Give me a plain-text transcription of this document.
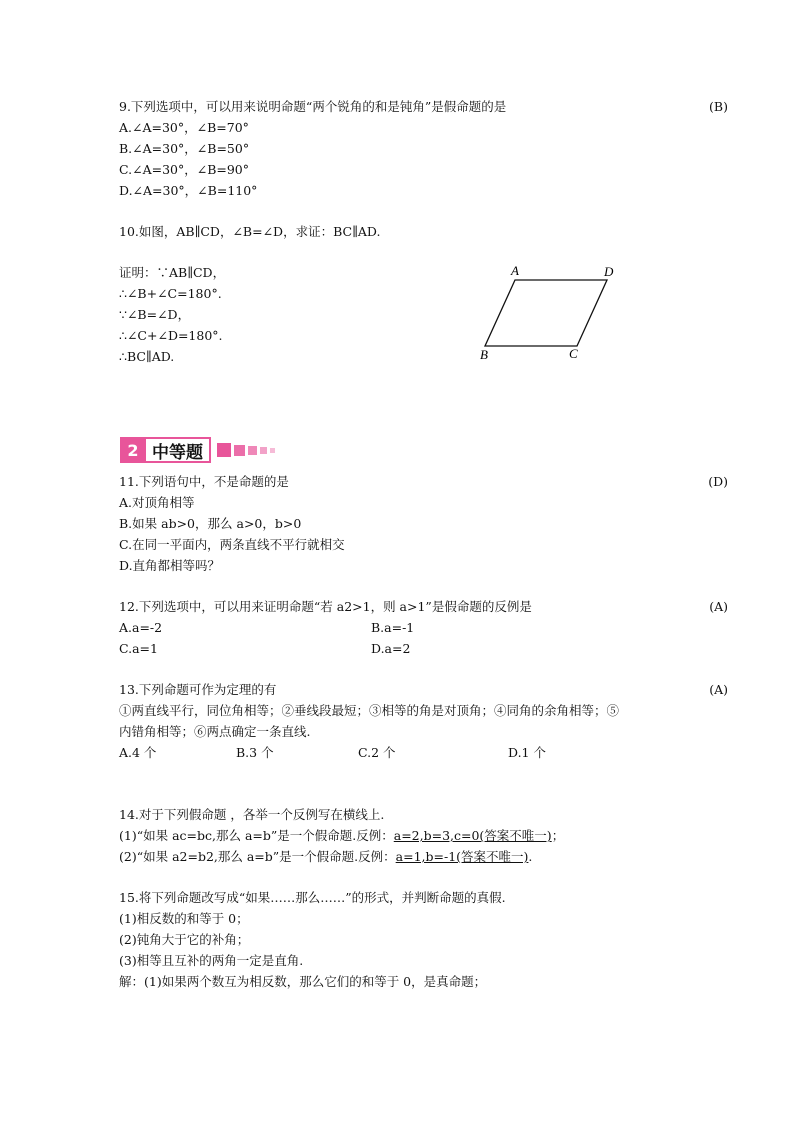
9.下列选项中，可以用来说明命题“两个锐角的和是钝角”是假命题的是	(B)
A.∠A=30°，∠B=70°
B.∠A=30°，∠B=50°
C.∠A=30°，∠B=90°
D.∠A=30°，∠B=110°
10.如图，AB∥CD，∠B=∠D，求证：BC∥AD.
证明：∵AB∥CD，
∴∠B+∠C=180°.
∵∠B=∠D，
∴∠C+∠D=180°.
∴BC∥AD.
A	D
B	C
2 中等题
11.下列语句中，不是命题的是	(D)
A.对顶角相等
B.如果 ab>0，那么 a>0，b>0
C.在同一平面内，两条直线不平行就相交
D.直角都相等吗？
12.下列选项中，可以用来证明命题“若 a2>1，则 a>1”是假命题的反例是	(A)
A.a=-2	B.a=-1
C.a=1	D.a=2
13.下列命题可作为定理的有	(A)
①两直线平行，同位角相等；②垂线段最短；③相等的角是对顶角；④同角的余角相等；⑤
内错角相等；⑥两点确定一条直线.
A.4 个	B.3 个	C.2 个	D.1 个
14.对于下列假命题 ，各举一个反例写在横线上.
(1)“如果 ac=bc,那么 a=b”是一个假命题.反例：a=2,b=3,c=0(答案不唯一)；
(2)“如果 a2=b2,那么 a=b”是一个假命题.反例：a=1,b=-1(答案不唯一).
15.将下列命题改写成“如果……那么……”的形式，并判断命题的真假.
(1)相反数的和等于 0；
(2)钝角大于它的补角；
(3)相等且互补的两角一定是直角.
解：(1)如果两个数互为相反数，那么它们的和等于 0，是真命题；
